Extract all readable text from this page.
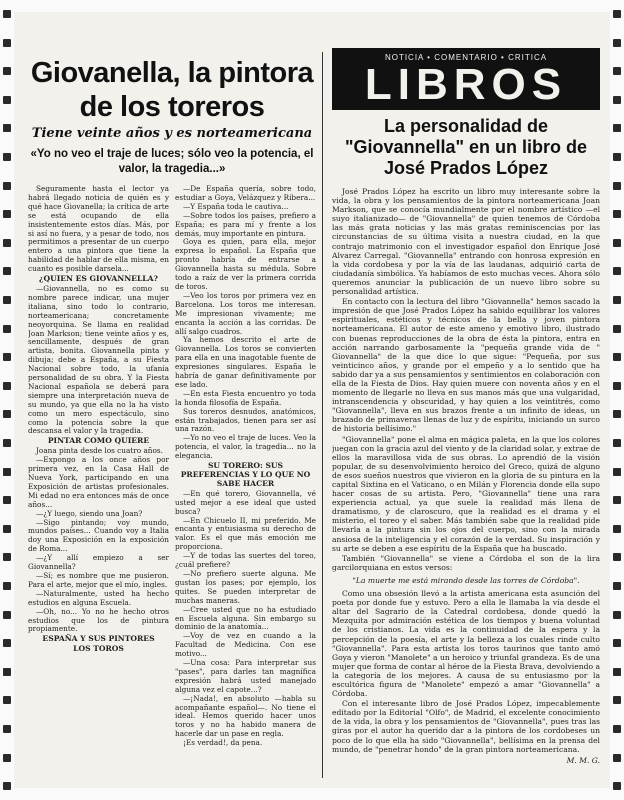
Giovanella, la pintora
de los toreros
Tiene veinte años y es norteamericana
«Yo no veo el traje de luces; sólo veo la potencia, el valor, la tragedia...»

Seguramente hasta el lector ya habrá llegado noticia de quién es y qué hace Giovanella; la crítica de arte se está ocupando de ella insistentemente estos días. Más, por si así no fuera, y a pesar de todo, nos permitimos a presentar de un cuerpo entero a una pintora que tiene la habilidad de hablar de ella misma, en cuanto es posible darsela...

¿QUIEN ES GIOVANNELLA?

—Giovannella, no es como su nombre parece indicar, una mujer italiana, sino todo lo contrario, norteamericana; concretamente neoyorquina. Se llama en realidad Joan Markson; tiene veinte años y es, sencillamente, después de gran artista, bonita. Giovannella pinta y dibuja; debe a España, a su Fiesta Nacional sobre todo, la ufanía personalidad de su obra. Y la Fiesta Nacional española se deberá para siempre una interpretación nueva de su mundo, ya que ella no la ha visto como un mero espectáculo, sino como la potencia sobre la que descansa el valor y la tragedia.

PINTAR COMO QUIERE

Joana pinta desde los cuatro años.

—Expongo a los once años por primera vez, en la Casa Hall de Nueva York, participando en una Exposición de artistas profesionales. Mi edad no era entonces más de once años...

—¿Y luego, siendo una Joan?

—Sigo pintando; voy mundo, mundos países... Cuando voy a Italia doy una Exposición en la exposición de Roma...

—¿Y allí empiezo a ser Giovannella?

—Sí; es nombre que me pusieron. Para el arte, mejor que el mío, ingles.

—Naturalmente, usted ha hecho estudios en alguna Escuela.

—Oh, no... Yo no he hecho otros estudios que los de pintura propiamente.

ESPAÑA Y SUS PINTORES

LOS TOROS

—De España quería, sobre todo, estudiar a Goya, Velázquez y Ribera...

—Y España toda le cautiva...

—Sobre todos los países, prefiero a España; es para mí y frente a los demás, muy importante en pintura.

Goya es quien, para ella, mejor expresa lo español. La España que pronto habría de entrarse a Giovannella hasta su médula. Sobre todo a raíz de ver la primera corrida de toros.

—Veo los toros por primera vez en Barcelona. Los toros me interesan. Me impresionan vivamente; me encanta la acción a las corridas. De allí salgo cuadros.

Ya hemos descrito el arte de Giovannella. Los toros se convierten para ella en una inagotable fuente de expresiones singulares. España le habría de ganar definitivamente por ese lado.

—En esta Fiesta encuentro yo toda la honda filosofía de España.

Sus toreros desnudos, anatómicos, están trabajados, tienen para ser así una razón.

—Yo no veo el traje de luces. Veo la potencia, el valor, la tragedia... no la elegancia.

SU TORERO: SUS PREFERENCIAS Y LO QUE NO SABE HACER

—En qué torero, Giovannella, vé usted mejor a ese ideal que usted busca?

—En Chicuelo II, mi preferido. Me encanta y entusiasma su derecho de valor. Es el que más emoción me proporciona.

—Y de todas las suertes del toreo, ¿cuál prefiere?

—No prefiero suerte alguna. Me gustan los pases; por ejemplo, los quites. Se pueden interpretar de muchas maneras.

—Cree usted que no ha estudiado en Escuela alguna. Sin embargo su dominio de la anatomía...

—Voy de vez en cuando a la Facultad de Medicina. Con ese motivo...

—Una cosa: Para interpretar sus "pases", para darles tan magnífica expresión habrá usted manejado alguna vez el capote...?

—¡Nada!, en absoluto —habla su acompañante español—. No tiene el ideal. Hemos querido hacer unos toros y no ha habido manera de hacerle dar un pase en regla.

¡Es verdad!, da pena.

NOTICIA • COMENTARIO • CRITICA
LIBROS
La personalidad de "Giovannella" en un libro de José Prados López

José Prados López ha escrito un libro muy interesante sobre la vida, la obra y los pensamientos de la pintora norteamericana Joan Markson, que se conocía mundialmente por el nombre artístico —el suyo italianizado— de "Giovannella" de quien tenemos de Córdoba las más grata noticias y las más gratas reminiscencias por las circunstancias de su última visita a nuestra ciudad, en la que contrajo matrimonio con el investigador español don Enrique José Alvarez Carregal. "Giovannella" entrando con honrosa expresión en la vida cordobesa y por la vía de las laudanas, adquirió carta de ciudadanía simbólica. Ya habíamos de esto muchas veces. Ahora sólo queremos anunciar la publicación de un nuevo libro sobre su personalidad artística.

En contacto con la lectura del libro "Giovannella" hemos sacado la impresión de que José Prados López ha sabido equilibrar los valores espirituales, estéticos y técnicos de la bella y joven pintora norteamericana. El autor de este ameno y emotivo libro, ilustrado con buenas reproducciones de la obra de ésta la pintora, entra en acción narrando garbosamente la "pequeña grande vida de " Giovannella" de la que dice lo que sigue: "Pequeña, por sus veinticinco años, y grande por el empeño y a lo sentido que ha sabido dar ya a sus pensamientos y sentimientos en colaboración con ella de la Fiesta de Dios. Hay quien muere con noventa años y en el momento de llegarle no lleva en sus manos más que una vulgaridad, intranscendencia y obscuridad, y hay quien a los veintitrés, como "Giovannella", lleva en sus brazos frente a un infinito de ideas, un brazado de primaveras llenas de luz y de espíritu, iniciando un surco de historia bellísimo."

"Giovannella" pone el alma en mágica paleta, en la que los colores juegan con la gracia azul del viento y de la claridad solar, y extrae de ellos la maravillosa vida de sus obras. Lo aprendió de la visión popular, de su desenvolvimiento heroico del Greco, quizá de alguno de esos sueños nuestros que vivieron en la gloria de su pintura en la capital Sixtina en el Vaticano, o en Milán y Florencia donde ella supo hacer cosas de su artista. Pero, "Giovannella" tiene una rara experiencia actual, ya que suele la realidad más llena de dramatismo, y de claroscuro, que la realidad es el drama y el misterio, el toreo y el saber. Más también sabe que la realidad pide llevarla a la pintura sin los ojos del cuerpo, sino con la mirada ansiosa de la inteligencia y el corazón de la verdad. Su inspiración y su arte se deben a ese espíritu de la España que ha buscado.

También "Giovannella" se viene a Córdoba el son de la lira garcilorquiana en estos versos:

"La muerte me está mirando desde las torres de Córdoba".

Como una obsesión llevó a la artista americana esta asunción del poeta por donde fue y estuvo. Pero a ella le llamaba la vía desde el altar del Sagrario de la Catedral cordobesa, donde quedó la Mezquita por admiración estética de los tiempos y buena voluntad de los cristianos. La vida es la continuidad de la espera y la percepción de la poesía, el arte y la belleza a los cuales rinde culto "Giovannella". Para esta artista los toros taurinos que tanto amó Goya y vieron "Manolete" a un heroico y triunfal grandeza. Es de una mujer que forma de contar al héroe de la Fiesta Brava, devolviendo a la categoría de los mejores. A causa de su entusiasmo por la escultórica figura de "Manolete" empezó a amar "Giovannella" a Córdoba.

Con el interesante libro de José Prados López, impecablemente editado por la Editorial "Olfo", de Madrid, el excelente conocimiento de la vida, la obra y los pensamientos de "Giovannella", pues tras las giras por el autor ha querido dar a la pintora de los cordobeses un poco de lo que ella ha sido "Giovannella", bellísima en la prensa del mundo, de "penetrar hondo" de la gran pintora norteamericana.

M. M. G.
